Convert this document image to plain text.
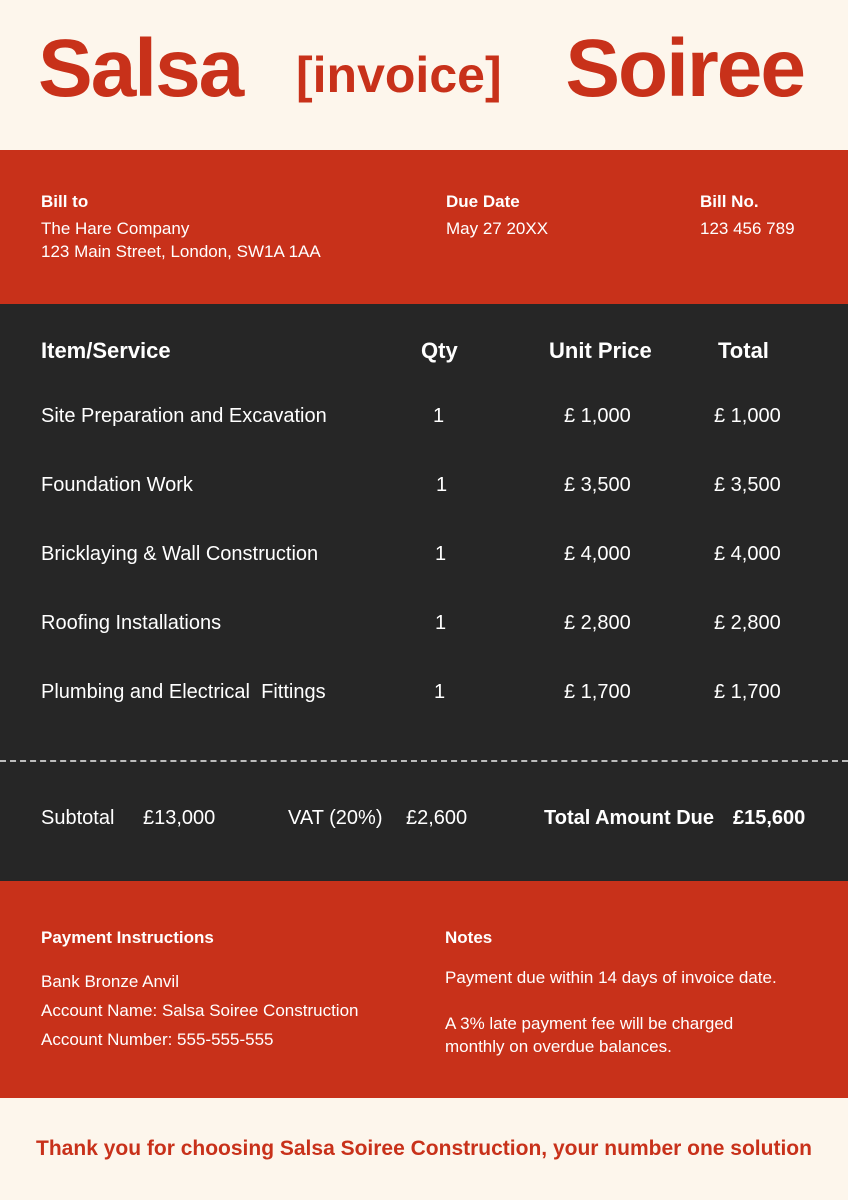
Salsa [invoice] Soiree
Bill to
The Hare Company
123 Main Street, London, SW1A 1AA
Due Date
May 27 20XX
Bill No.
123 456 789
Item/Service	Qty	Unit Price	Total
Site Preparation and Excavation	1	£ 1,000	£ 1,000
Foundation Work	1	£ 3,500	£ 3,500
Bricklaying & Wall Construction	1	£ 4,000	£ 4,000
Roofing Installations	1	£ 2,800	£ 2,800
Plumbing and Electrical  Fittings	1	£ 1,700	£ 1,700
Subtotal £13,000	VAT (20%) £2,600	Total Amount Due £15,600
Payment Instructions
Bank Bronze Anvil
Account Name: Salsa Soiree Construction
Account Number: 555-555-555
Notes
Payment due within 14 days of invoice date.
A 3% late payment fee will be charged monthly on overdue balances.
Thank you for choosing Salsa Soiree Construction, your number one solution
